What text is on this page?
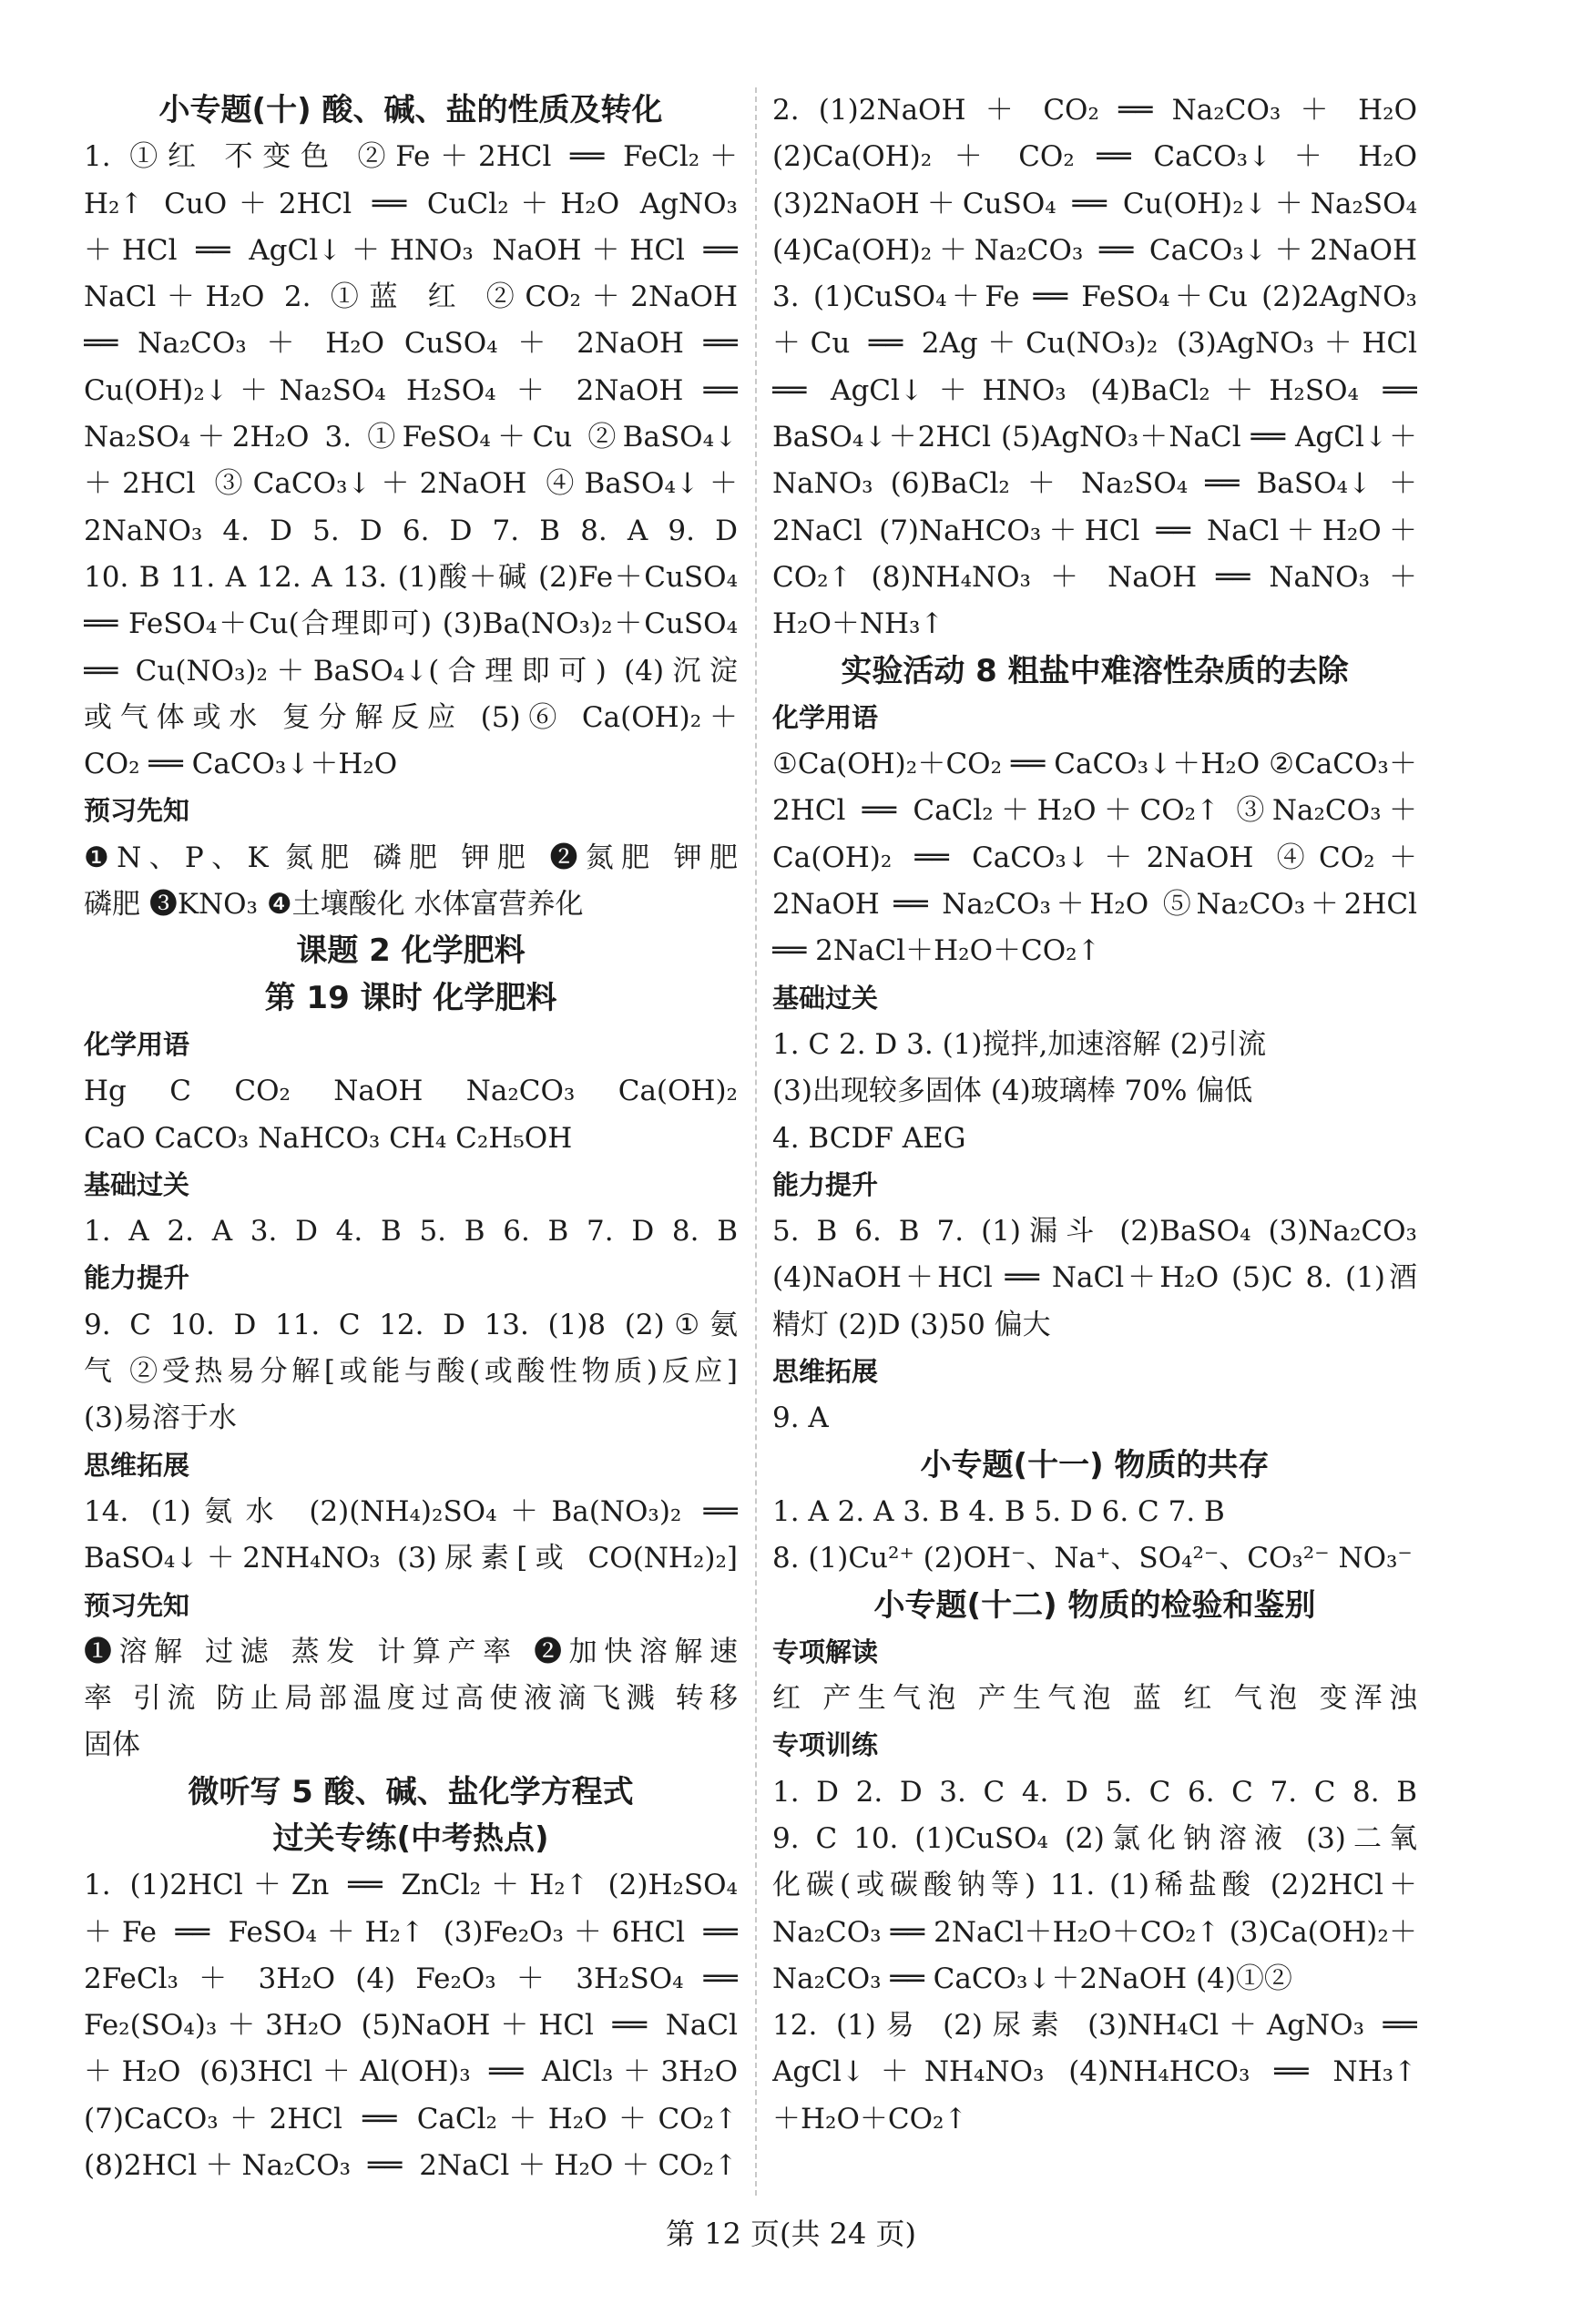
小专题(十) 酸、碱、盐的性质及转化
1. ①红 不变色 ②Fe＋2HCl ══ FeCl₂＋
H₂↑ CuO＋2HCl ══ CuCl₂＋H₂O AgNO₃
＋HCl ══ AgCl↓＋HNO₃ NaOH＋HCl ══
NaCl＋H₂O 2. ①蓝 红 ②CO₂＋2NaOH
══ Na₂CO₃ ＋ H₂O CuSO₄ ＋ 2NaOH ══
Cu(OH)₂↓＋Na₂SO₄ H₂SO₄ ＋ 2NaOH ══
Na₂SO₄＋2H₂O 3. ①FeSO₄＋Cu ②BaSO₄↓
＋2HCl ③CaCO₃↓＋2NaOH ④BaSO₄↓＋
2NaNO₃ 4. D 5. D 6. D 7. B 8. A 9. D
10. B 11. A 12. A 13. (1)酸＋碱 (2)Fe＋CuSO₄
══ FeSO₄＋Cu(合理即可) (3)Ba(NO₃)₂＋CuSO₄
══ Cu(NO₃)₂＋BaSO₄↓(合理即可) (4)沉淀
或气体或水 复分解反应 (5)⑥ Ca(OH)₂＋
CO₂ ══ CaCO₃↓＋H₂O
预习先知
❶N、P、K 氮肥 磷肥 钾肥 ❷氮肥 钾肥
磷肥 ❸KNO₃ ❹土壤酸化 水体富营养化
课题 2 化学肥料
第 19 课时 化学肥料
化学用语
Hg C CO₂ NaOH Na₂CO₃ Ca(OH)₂
CaO CaCO₃ NaHCO₃ CH₄ C₂H₅OH
基础过关
1. A 2. A 3. D 4. B 5. B 6. B 7. D 8. B
能力提升
9. C 10. D 11. C 12. D 13. (1)8 (2)①氨
气 ②受热易分解[或能与酸(或酸性物质)反应]
(3)易溶于水
思维拓展
14. (1)氨水 (2)(NH₄)₂SO₄＋Ba(NO₃)₂ ══
BaSO₄↓＋2NH₄NO₃ (3)尿素[或 CO(NH₂)₂]
预习先知
❶溶解 过滤 蒸发 计算产率 ❷加快溶解速
率 引流 防止局部温度过高使液滴飞溅 转移
固体
微听写 5 酸、碱、盐化学方程式
过关专练(中考热点)
1. (1)2HCl＋Zn ══ ZnCl₂＋H₂↑ (2)H₂SO₄
＋Fe ══ FeSO₄＋H₂↑ (3)Fe₂O₃＋6HCl ══
2FeCl₃ ＋ 3H₂O (4) Fe₂O₃ ＋ 3H₂SO₄ ══
Fe₂(SO₄)₃＋3H₂O (5)NaOH＋HCl ══ NaCl
＋H₂O (6)3HCl＋Al(OH)₃ ══ AlCl₃＋3H₂O
(7)CaCO₃＋2HCl ══ CaCl₂＋H₂O＋CO₂↑
(8)2HCl＋Na₂CO₃ ══ 2NaCl＋H₂O＋CO₂↑
2. (1)2NaOH ＋ CO₂ ══ Na₂CO₃ ＋ H₂O
(2)Ca(OH)₂ ＋ CO₂ ══ CaCO₃↓ ＋ H₂O
(3)2NaOH＋CuSO₄ ══ Cu(OH)₂↓＋Na₂SO₄
(4)Ca(OH)₂＋Na₂CO₃ ══ CaCO₃↓＋2NaOH
3. (1)CuSO₄＋Fe ══ FeSO₄＋Cu (2)2AgNO₃
＋Cu ══ 2Ag＋Cu(NO₃)₂ (3)AgNO₃＋HCl
══ AgCl↓＋HNO₃ (4)BaCl₂＋H₂SO₄ ══
BaSO₄↓＋2HCl (5)AgNO₃＋NaCl ══ AgCl↓＋
NaNO₃ (6)BaCl₂ ＋ Na₂SO₄ ══ BaSO₄↓ ＋
2NaCl (7)NaHCO₃＋HCl ══ NaCl＋H₂O＋
CO₂↑ (8)NH₄NO₃ ＋ NaOH ══ NaNO₃ ＋
H₂O＋NH₃↑
实验活动 8 粗盐中难溶性杂质的去除
化学用语
①Ca(OH)₂＋CO₂ ══ CaCO₃↓＋H₂O ②CaCO₃＋
2HCl ══ CaCl₂＋H₂O＋CO₂↑ ③Na₂CO₃＋
Ca(OH)₂ ══ CaCO₃↓＋2NaOH ④CO₂＋
2NaOH ══ Na₂CO₃＋H₂O ⑤Na₂CO₃＋2HCl
══ 2NaCl＋H₂O＋CO₂↑
基础过关
1. C 2. D 3. (1)搅拌,加速溶解 (2)引流
(3)出现较多固体 (4)玻璃棒 70% 偏低
4. BCDF AEG
能力提升
5. B 6. B 7. (1)漏斗 (2)BaSO₄ (3)Na₂CO₃
(4)NaOH＋HCl ══ NaCl＋H₂O (5)C 8. (1)酒
精灯 (2)D (3)50 偏大
思维拓展
9. A
小专题(十一) 物质的共存
1. A 2. A 3. B 4. B 5. D 6. C 7. B
8. (1)Cu²⁺ (2)OH⁻、Na⁺、SO₄²⁻、CO₃²⁻ NO₃⁻
小专题(十二) 物质的检验和鉴别
专项解读
红 产生气泡 产生气泡 蓝 红 气泡 变浑浊
专项训练
1. D 2. D 3. C 4. D 5. C 6. C 7. C 8. B
9. C 10. (1)CuSO₄ (2)氯化钠溶液 (3)二氧
化碳(或碳酸钠等) 11. (1)稀盐酸 (2)2HCl＋
Na₂CO₃ ══ 2NaCl＋H₂O＋CO₂↑ (3)Ca(OH)₂＋
Na₂CO₃ ══ CaCO₃↓＋2NaOH (4)①②
12. (1)易 (2)尿素 (3)NH₄Cl＋AgNO₃ ══
AgCl↓＋NH₄NO₃ (4)NH₄HCO₃ ══ NH₃↑
＋H₂O＋CO₂↑
第 12 页(共 24 页)
